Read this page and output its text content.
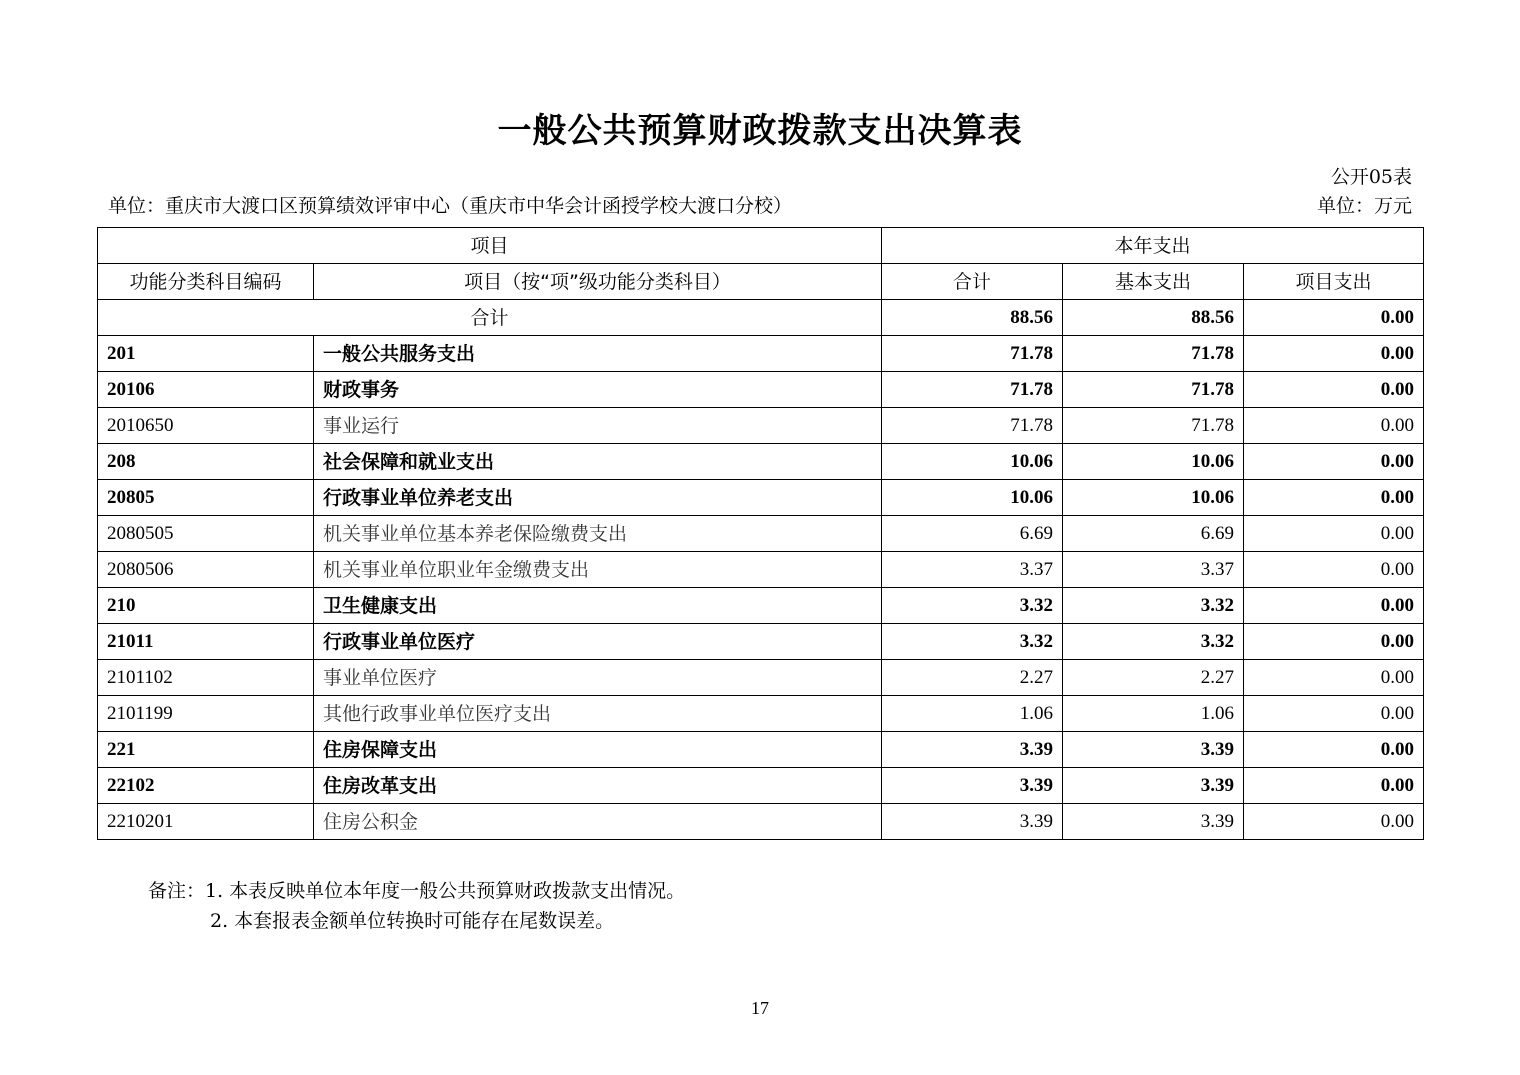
一般公共预算财政拨款支出决算表
公开05表
单位：重庆市大渡口区预算绩效评审中心（重庆市中华会计函授学校大渡口分校）	单位：万元
项目		本年支出		
功能分类科目编码	项目（按“项”级功能分类科目）	合计	基本支出	项目支出
合计		88.56	88.56	0.00
201	一般公共服务支出	71.78	71.78	0.00
20106	财政事务	71.78	71.78	0.00
2010650	事业运行	71.78	71.78	0.00
208	社会保障和就业支出	10.06	10.06	0.00
20805	行政事业单位养老支出	10.06	10.06	0.00
2080505	机关事业单位基本养老保险缴费支出	6.69	6.69	0.00
2080506	机关事业单位职业年金缴费支出	3.37	3.37	0.00
210	卫生健康支出	3.32	3.32	0.00
21011	行政事业单位医疗	3.32	3.32	0.00
2101102	事业单位医疗	2.27	2.27	0.00
2101199	其他行政事业单位医疗支出	1.06	1.06	0.00
221	住房保障支出	3.39	3.39	0.00
22102	住房改革支出	3.39	3.39	0.00
2210201	住房公积金	3.39	3.39	0.00
备注：1. 本表反映单位本年度一般公共预算财政拨款支出情况。
2. 本套报表金额单位转换时可能存在尾数误差。
17
